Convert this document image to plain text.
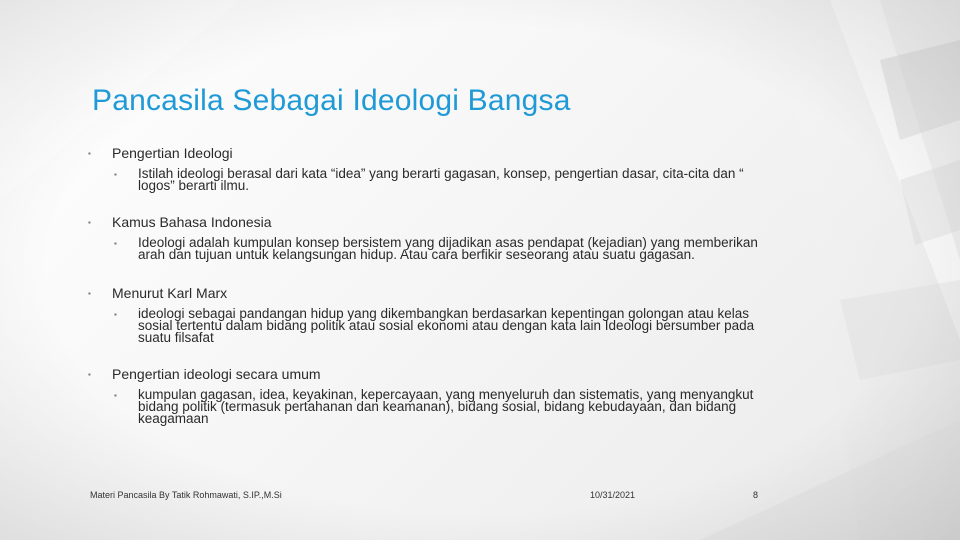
Pancasila Sebagai Ideologi Bangsa
▪ Pengertian Ideologi
▪ Istilah ideologi berasal dari kata “idea” yang berarti gagasan, konsep, pengertian dasar, cita-cita dan “ logos” berarti ilmu.
▪ Kamus Bahasa Indonesia
▪ Ideologi adalah kumpulan konsep bersistem yang dijadikan asas pendapat (kejadian) yang memberikan arah dan tujuan untuk kelangsungan hidup. Atau cara berfikir seseorang atau suatu gagasan.
▪ Menurut Karl Marx
▪ ideologi sebagai pandangan hidup yang dikembangkan berdasarkan kepentingan golongan atau kelas sosial tertentu dalam bidang politik atau sosial ekonomi atau dengan kata lain Ideologi bersumber pada suatu filsafat
▪ Pengertian ideologi secara umum
▪ kumpulan gagasan, idea, keyakinan, kepercayaan, yang menyeluruh dan sistematis, yang menyangkut bidang politik (termasuk pertahanan dan keamanan), bidang sosial, bidang kebudayaan, dan bidang keagamaan
Materi Pancasila By Tatik Rohmawati, S.IP.,M.Si	10/31/2021	8
